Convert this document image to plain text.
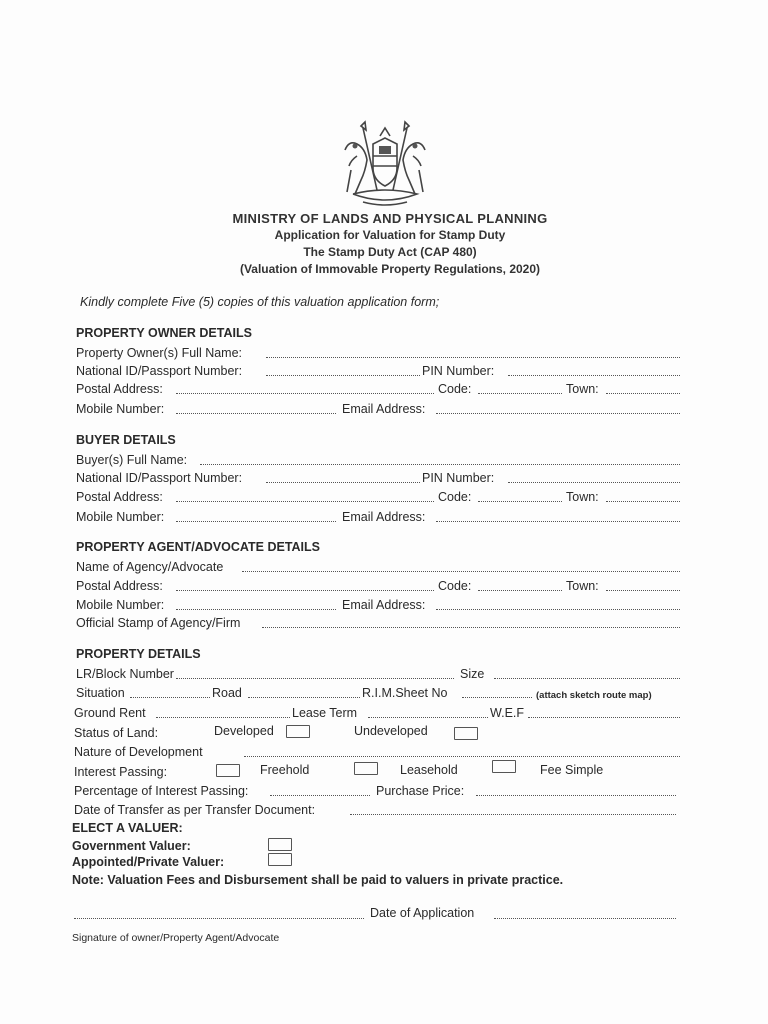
MINISTRY OF LANDS AND PHYSICAL PLANNING
Application for Valuation for Stamp Duty
The Stamp Duty Act (CAP 480)
(Valuation of Immovable Property Regulations, 2020)
Kindly complete Five (5) copies of this valuation application form;
PROPERTY OWNER DETAILS
Property Owner(s) Full Name:
National ID/Passport Number:	PIN Number:
Postal Address:	Code:	Town:
Mobile Number:	Email Address:
BUYER DETAILS
Buyer(s) Full Name:
National ID/Passport Number:	PIN Number:
Postal Address:	Code:	Town:
Mobile Number:	Email Address:
PROPERTY AGENT/ADVOCATE DETAILS
Name of Agency/Advocate
Postal Address:	Code:	Town:
Mobile Number:	Email Address:
Official Stamp of Agency/Firm
PROPERTY DETAILS
LR/Block Number	Size
Situation	Road	R.I.M.Sheet No	(attach sketch route map)
Ground Rent	Lease Term	W.E.F
Status of Land:	Developed	Undeveloped
Nature of Development
Interest Passing:	Freehold	Leasehold	Fee Simple
Percentage of Interest Passing:	Purchase Price:
Date of Transfer as per Transfer Document:
ELECT A VALUER:
Government Valuer:
Appointed/Private Valuer:
Note: Valuation Fees and Disbursement shall be paid to valuers in private practice.
Date of Application
Signature of owner/Property Agent/Advocate
